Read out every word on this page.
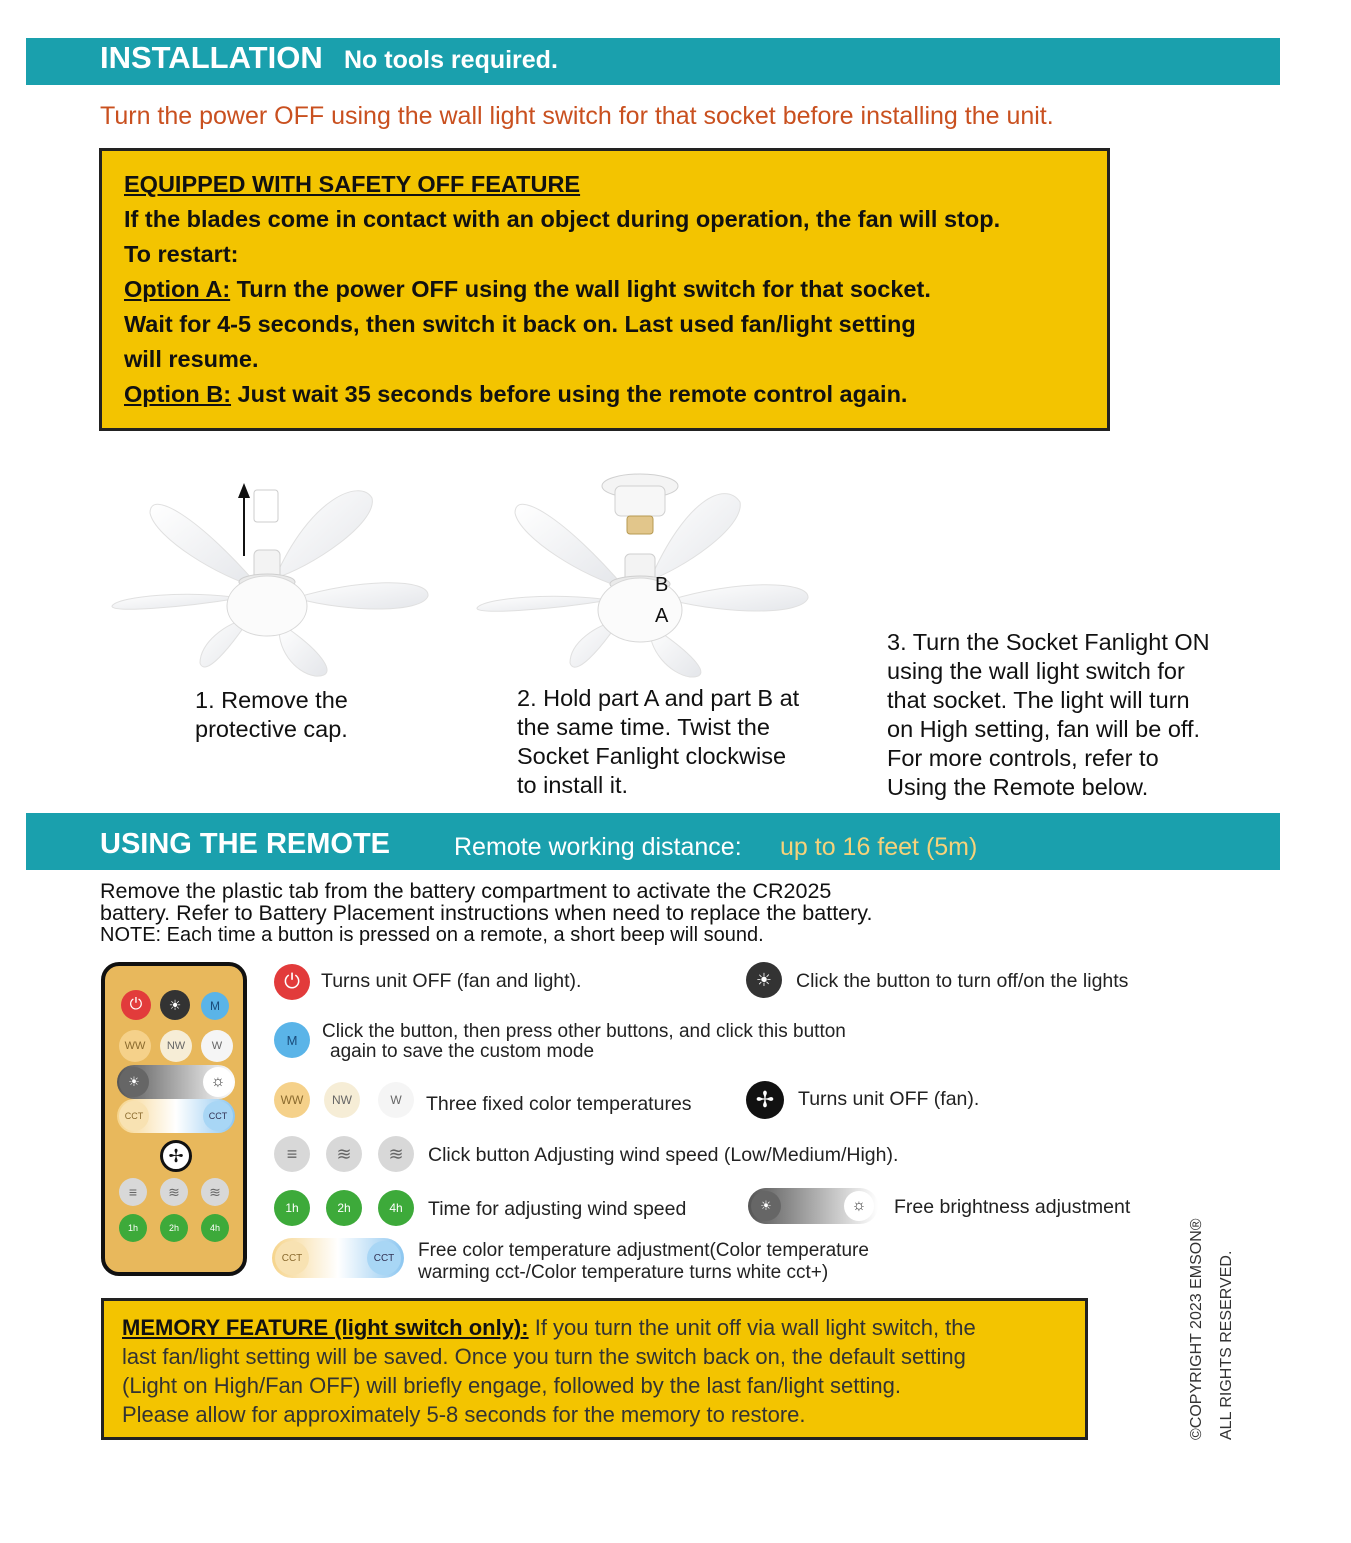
INSTALLATION No tools required.
Turn the power OFF using the wall light switch for that socket before installing the unit.

EQUIPPED WITH SAFETY OFF FEATURE

If the blades come in contact with an object during operation, the fan will stop.

To restart:

Option A: Turn the power OFF using the wall light switch for that socket.

Wait for 4-5 seconds, then switch it back on. Last used fan/light setting

will resume.

Option B: Just wait 35 seconds before using the remote control again.

B
A
1. Remove the
protective cap.
2. Hold part A and part B at
the same time. Twist the
Socket Fanlight clockwise
to install it.
3. Turn the Socket Fanlight ON
using the wall light switch for
that socket. The light will turn
on High setting, fan will be off.
For more controls, refer to
Using the Remote below.
USING THE REMOTE	Remote working distance: up to 16 feet (5m)
Remove the plastic tab from the battery compartment to activate the CR2025
battery. Refer to Battery Placement instructions when need to replace the battery.
NOTE: Each time a button is pressed on a remote, a short beep will sound.
⏻	☀	M
WW	NW	W
☀	☼
CCT	CCT
✢
≡	≋	≋
1h	2h	4h
⏻	Turns unit OFF (fan and light).	☀	Click the button to turn off/on the lights
M	Click the button, then press other buttons, and click this button
again to save the custom mode
WW	NW	W	Three fixed color temperatures	✢	Turns unit OFF (fan).
≡	≋	≋	Click button Adjusting wind speed (Low/Medium/High).
1h	2h	4h	Time for adjusting wind speed	☀	☼	Free brightness adjustment
CCT	CCT	Free color temperature adjustment(Color temperature
warming cct-/Color temperature turns white cct+)

MEMORY FEATURE (light switch only): If you turn the unit off via wall light switch, the

last fan/light setting will be saved. Once you turn the switch back on, the default setting

(Light on High/Fan OFF) will briefly engage, followed by the last fan/light setting.

Please allow for approximately 5-8 seconds for the memory to restore.	©COPYRIGHT 2023 EMSON® ALL RIGHTS RESERVED.
